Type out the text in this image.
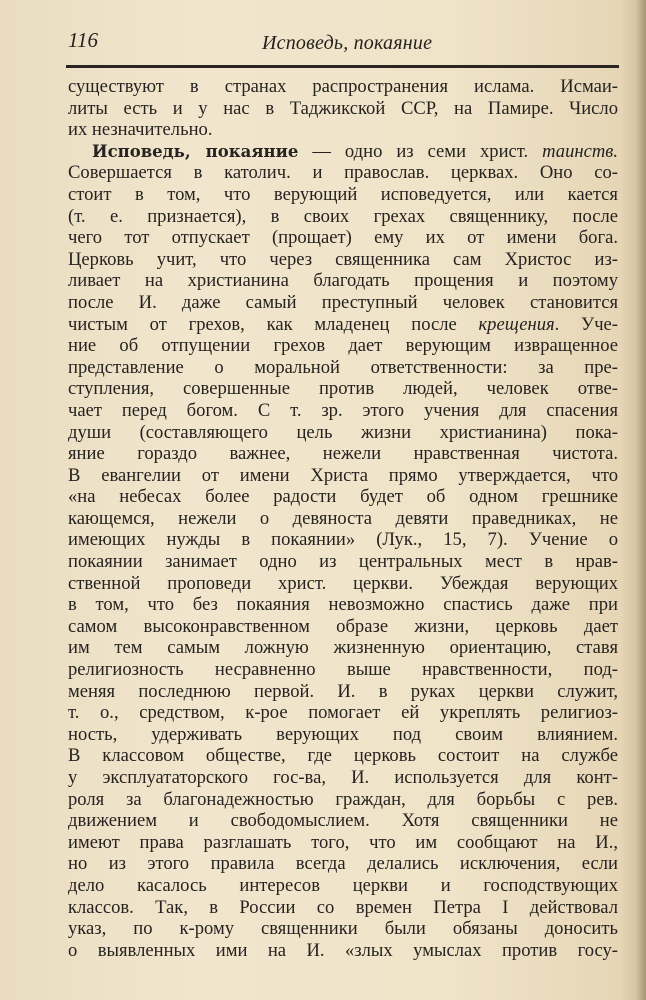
116	Исповедь, покаяние
существуют в странах распространения ислама. Исмаи-
литы есть и у нас в Таджикской ССР, на Памире. Число
их незначительно.
Исповедь, покаяние — одно из семи христ. таинств.
Совершается в католич. и православ. церквах. Оно со-
стоит в том, что верующий исповедуется, или кается
(т. е. признается), в своих грехах священнику, после
чего тот отпускает (прощает) ему их от имени бога.
Церковь учит, что через священника сам Христос из-
ливает на христианина благодать прощения и поэтому
после И. даже самый преступный человек становится
чистым от грехов, как младенец после крещения. Уче-
ние об отпущении грехов дает верующим извращенное
представление о моральной ответственности: за пре-
ступления, совершенные против людей, человек отве-
чает перед богом. С т. зр. этого учения для спасения
души (составляющего цель жизни христианина) пока-
яние гораздо важнее, нежели нравственная чистота.
В евангелии от имени Христа прямо утверждается, что
«на небесах более радости будет об одном грешнике
кающемся, нежели о девяноста девяти праведниках, не
имеющих нужды в покаянии» (Лук., 15, 7). Учение о
покаянии занимает одно из центральных мест в нрав-
ственной проповеди христ. церкви. Убеждая верующих
в том, что без покаяния невозможно спастись даже при
самом высоконравственном образе жизни, церковь дает
им тем самым ложную жизненную ориентацию, ставя
религиозность несравненно выше нравственности, под-
меняя последнюю первой. И. в руках церкви служит,
т. о., средством, к-рое помогает ей укреплять религиоз-
ность, удерживать верующих под своим влиянием.
В классовом обществе, где церковь состоит на службе
у эксплуататорского гос-ва, И. используется для конт-
роля за благонадежностью граждан, для борьбы с рев.
движением и свободомыслием. Хотя священники не
имеют права разглашать того, что им сообщают на И.,
но из этого правила всегда делались исключения, если
дело касалось интересов церкви и господствующих
классов. Так, в России со времен Петра I действовал
указ, по к-рому священники были обязаны доносить
о выявленных ими на И. «злых умыслах против госу-
